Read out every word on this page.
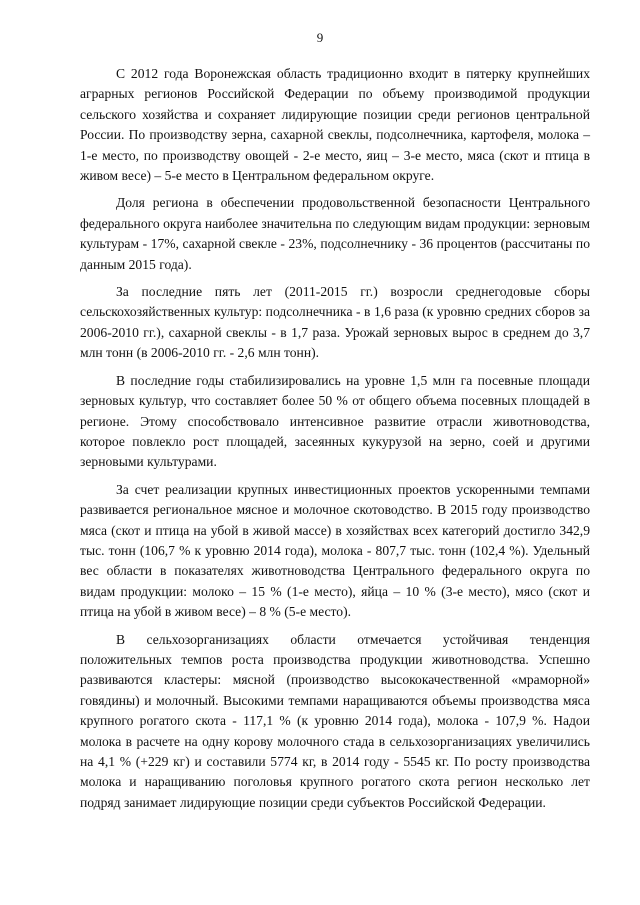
9

С 2012 года Воронежская область традиционно входит в пятерку крупнейших аграрных регионов Российской Федерации по объему производимой продукции сельского хозяйства и сохраняет лидирующие позиции среди регионов центральной России. По производству зерна, сахарной свеклы, подсолнечника, картофеля, молока – 1-е место, по производству овощей - 2-е место, яиц – 3-е место, мяса (скот и птица в живом весе) – 5-е место в Центральном федеральном округе.

Доля региона в обеспечении продовольственной безопасности Центрального федерального округа наиболее значительна по следующим видам продукции: зерновым культурам - 17%, сахарной свекле - 23%, подсолнечнику - 36 процентов (рассчитаны по данным 2015 года).

За последние пять лет (2011-2015 гг.) возросли среднегодовые сборы сельскохозяйственных культур: подсолнечника - в 1,6 раза (к уровню средних сборов за 2006-2010 гг.), сахарной свеклы - в 1,7 раза. Урожай зерновых вырос в среднем до 3,7 млн тонн (в 2006-2010 гг. - 2,6 млн тонн).

В последние годы стабилизировались на уровне 1,5 млн га посевные площади зерновых культур, что составляет более 50 % от общего объема посевных площадей в регионе. Этому способствовало интенсивное развитие отрасли животноводства, которое повлекло рост площадей, засеянных кукурузой на зерно, соей и другими зерновыми культурами.

За счет реализации крупных инвестиционных проектов ускоренными темпами развивается региональное мясное и молочное скотоводство. В 2015 году производство мяса (скот и птица на убой в живой массе) в хозяйствах всех категорий достигло 342,9 тыс. тонн (106,7 % к уровню 2014 года), молока - 807,7 тыс. тонн (102,4 %). Удельный вес области в показателях животноводства Центрального федерального округа по видам продукции: молоко – 15 % (1-е место), яйца – 10 % (3-е место), мясо (скот и птица на убой в живом весе) – 8 % (5-е место).

В сельхозорганизациях области отмечается устойчивая тенденция положительных темпов роста производства продукции животноводства. Успешно развиваются кластеры: мясной (производство высококачественной «мраморной» говядины) и молочный. Высокими темпами наращиваются объемы производства мяса крупного рогатого скота - 117,1 % (к уровню 2014 года), молока - 107,9 %. Надои молока в расчете на одну корову молочного стада в сельхозорганизациях увеличились на 4,1 % (+229 кг) и составили 5774 кг, в 2014 году - 5545 кг. По росту производства молока и наращиванию поголовья крупного рогатого скота регион несколько лет подряд занимает лидирующие позиции среди субъектов Российской Федерации.
